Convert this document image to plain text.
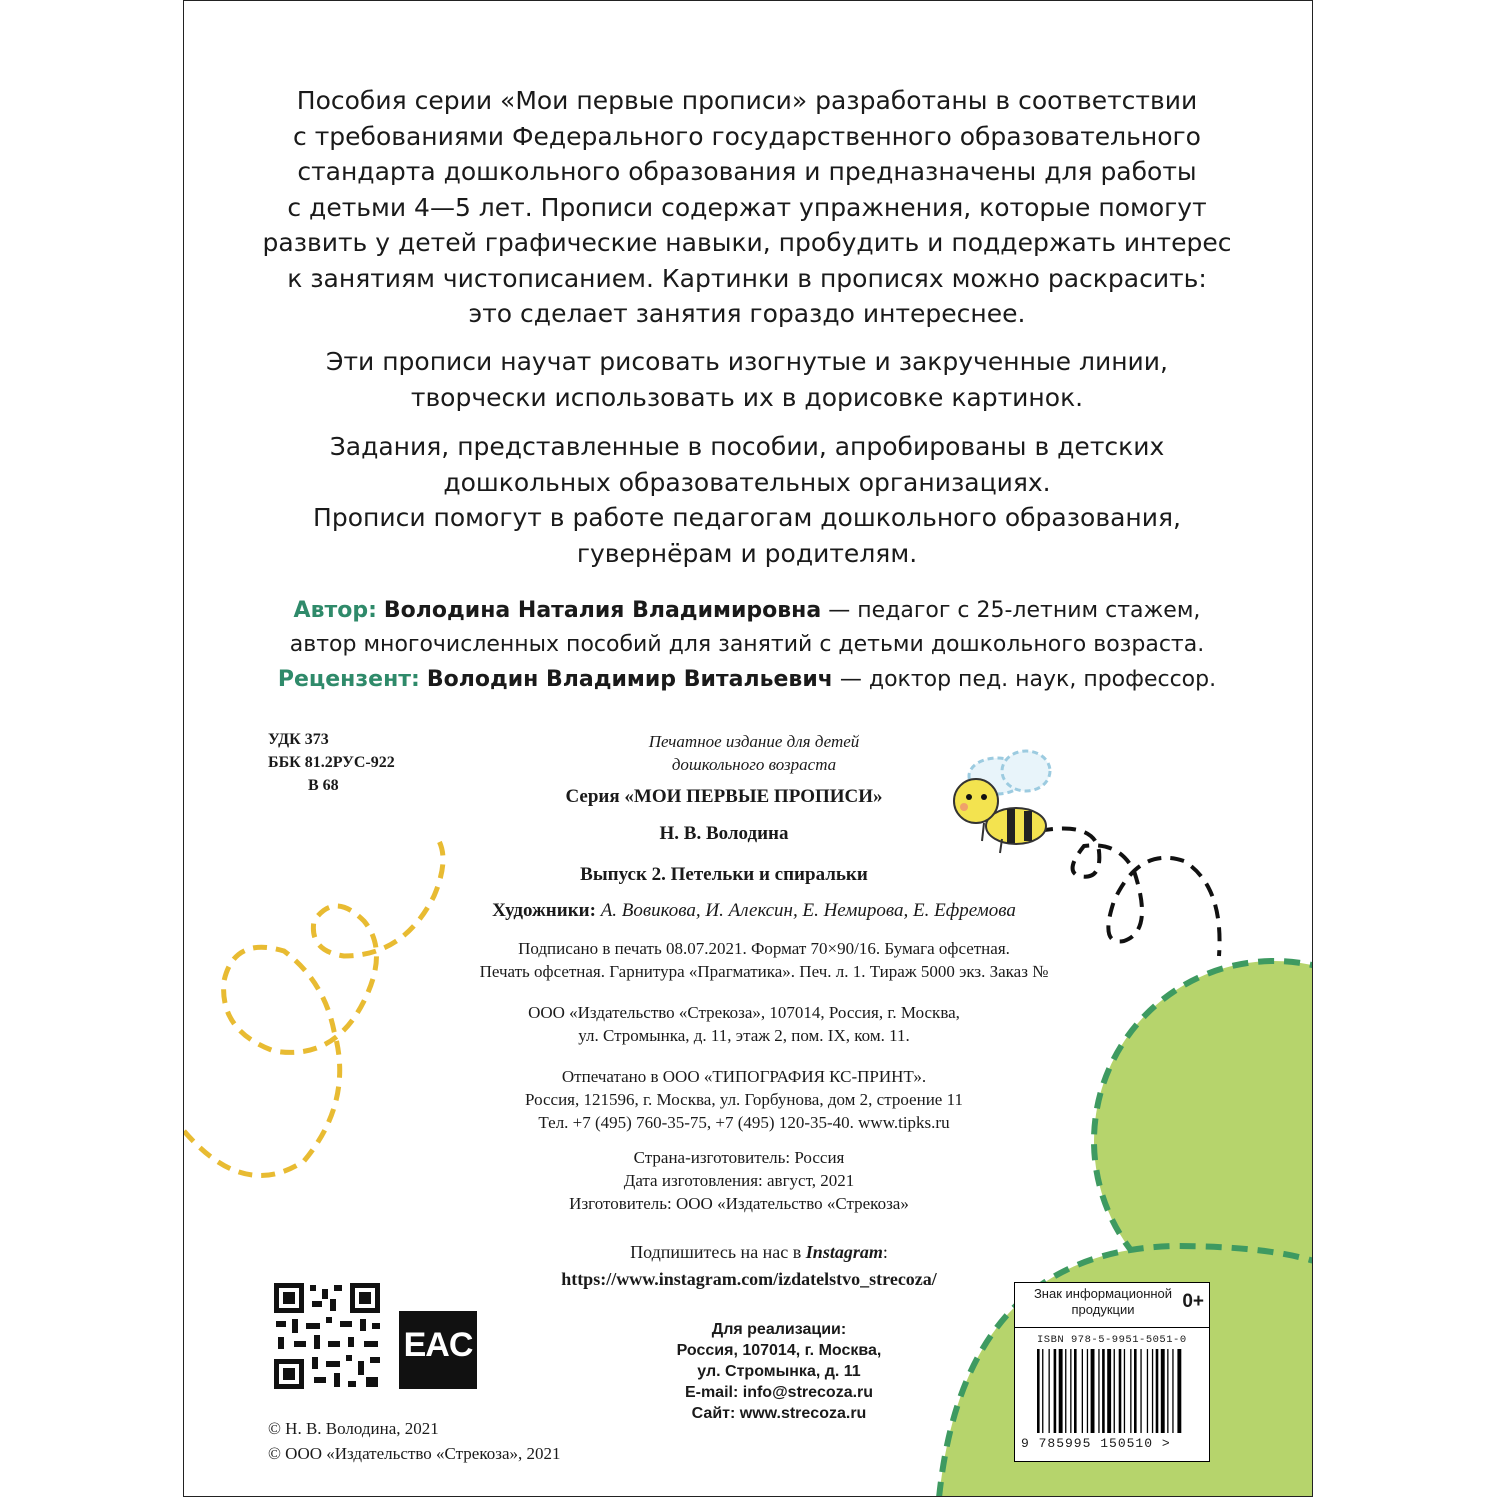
Пособия серии «Мои первые прописи» разработаны в соответствии
с требованиями Федерального государственного образовательного
стандарта дошкольного образования и предназначены для работы
с детьми 4—5 лет. Прописи содержат упражнения, которые помогут
развить у детей графические навыки, пробудить и поддержать интерес
к занятиям чистописанием. Картинки в прописях можно раскрасить:
это сделает занятия гораздо интереснее.
Эти прописи научат рисовать изогнутые и закрученные линии,
творчески использовать их в дорисовке картинок.
Задания, представленные в пособии, апробированы в детских
дошкольных образовательных организациях.
Прописи помогут в работе педагогам дошкольного образования,
гувернёрам и родителям.
Автор: Володина Наталия Владимировна — педагог с 25-летним стажем,
автор многочисленных пособий для занятий с детьми дошкольного возраста.
Рецензент: Володин Владимир Витальевич — доктор пед. наук, профессор.
УДК 373
ББК 81.2РУС-922
В 68
Печатное издание для детей
дошкольного возраста
Серия «МОИ ПЕРВЫЕ ПРОПИСИ»
Н. В. Володина
Выпуск 2. Петельки и спиральки
Художники: А. Вовикова, И. Алексин, Е. Немирова, Е. Ефремова
Подписано в печать 08.07.2021. Формат 70×90/16. Бумага офсетная.
Печать офсетная. Гарнитура «Прагматика». Печ. л. 1. Тираж 5000 экз. Заказ №
ООО «Издательство «Стрекоза», 107014, Россия, г. Москва,
ул. Стромынка, д. 11, этаж 2, пом. IX, ком. 11.
Отпечатано в ООО «ТИПОГРАФИЯ КС-ПРИНТ».
Россия, 121596, г. Москва, ул. Горбунова, дом 2, строение 11
Тел. +7 (495) 760-35-75, +7 (495) 120-35-40. www.tipks.ru
Страна-изготовитель: Россия
Дата изготовления: август, 2021
Изготовитель: ООО «Издательство «Стрекоза»
Подпишитесь на нас в Instagram:
https://www.instagram.com/izdatelstvo_strecoza/
EAC	Для реализации:
Россия, 107014, г. Москва,
ул. Стромынка, д. 11
E-mail: info@strecoza.ru
Сайт: www.strecoza.ru
© Н. В. Володина, 2021
© ООО «Издательство «Стрекоза», 2021
Знак информационной продукции	0+
ISBN 978-5-9951-5051-0
9 785995 150510 >
